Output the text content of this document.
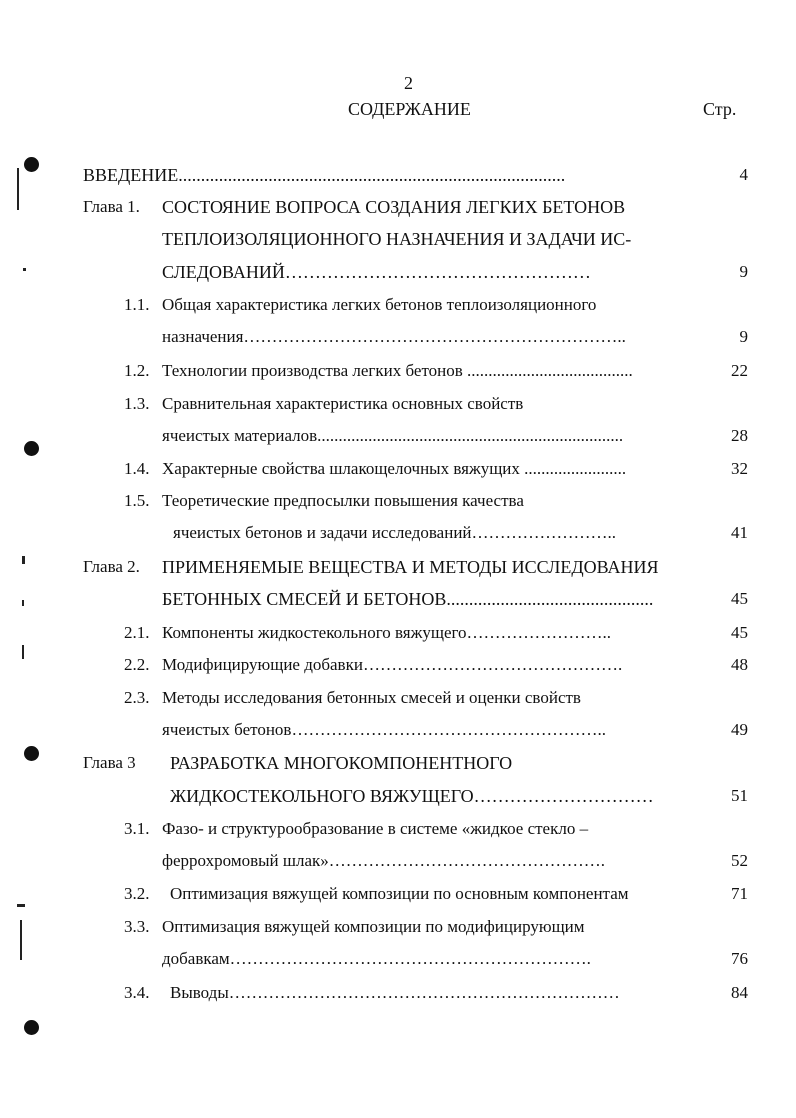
2
СОДЕРЖАНИЕ	Стр.
ВВЕДЕНИЕ......................................................................................	4
Глава 1. СОСТОЯНИЕ ВОПРОСА СОЗДАНИЯ ЛЕГКИХ БЕТОНОВ
ТЕПЛОИЗОЛЯЦИОННОГО НАЗНАЧЕНИЯ И ЗАДАЧИ ИС-
СЛЕДОВАНИЙ……………………………………………	9
1.1. Общая характеристика легких бетонов теплоизоляционного
назначения…………………………………………………………..	9
1.2. Технологии производства легких бетонов .......................................	22
1.3. Сравнительная характеристика основных свойств
ячеистых материалов........................................................................	28
1.4. Характерные свойства шлакощелочных вяжущих ........................	32
1.5. Теоретические предпосылки повышения качества
ячеистых бетонов и задачи исследований……………………..	41
Глава 2. ПРИМЕНЯЕМЫЕ ВЕЩЕСТВА И МЕТОДЫ ИССЛЕДОВАНИЯ
БЕТОННЫХ СМЕСЕЙ И БЕТОНОВ..............................................	45
2.1. Компоненты жидкостекольного вяжущего……………………..	45
2.2. Модифицирующие добавки……………………………………….	48
2.3. Методы исследования бетонных смесей и оценки свойств
ячеистых бетонов………………………………………………..	49
Глава 3 РАЗРАБОТКА МНОГОКОМПОНЕНТНОГО
ЖИДКОСТЕКОЛЬНОГО ВЯЖУЩЕГО…………………………	51
3.1. Фазо- и структурообразование в системе «жидкое стекло –
феррохромовый шлак»………………………………………….	52
3.2. Оптимизация вяжущей композиции по основным компонентам	71
3.3. Оптимизация вяжущей композиции по модифицирующим
добавкам……………………………………………………….	76
3.4. Выводы……………………………………………………………	84
